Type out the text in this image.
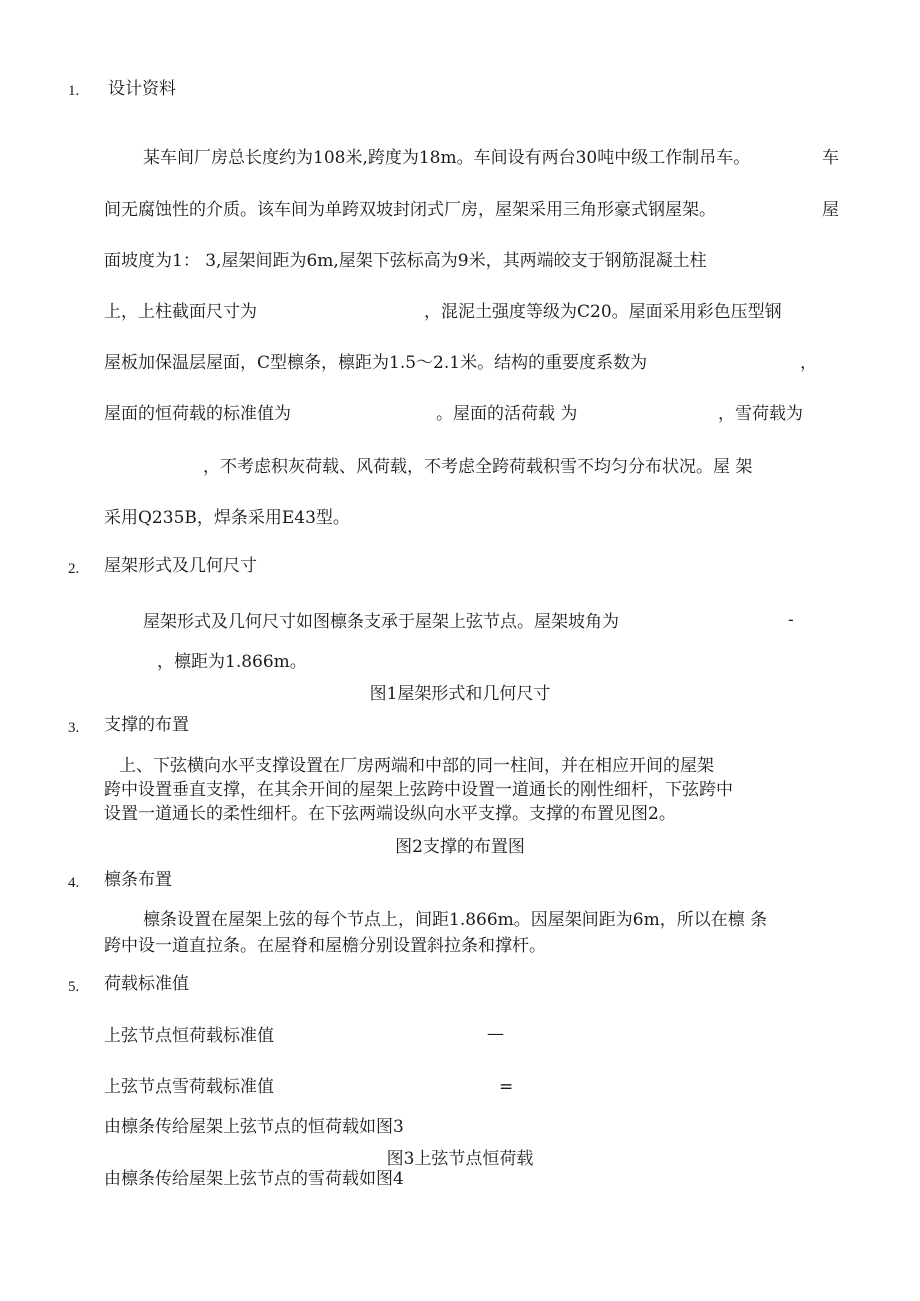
1. 设计资料
某车间厂房总长度约为108米,跨度为18m。车间设有两台30吨中级工作制吊车。	车
间无腐蚀性的介质。该车间为单跨双坡封闭式厂房，屋架采用三角形豪式钢屋架。	屋
面坡度为1： 3,屋架间距为6m,屋架下弦标高为9米，其两端皎支于钢筋混凝土柱
上，上柱截面尺寸为	，混泥土强度等级为C20。屋面采用彩色压型钢
屋板加保温层屋面，C型檩条，檩距为1.5〜2.1米。结构的重要度系数为	，
屋面的恒荷载的标准值为	。屋面的活荷载 为	，雪荷载为
，不考虑积灰荷载、风荷载，不考虑全跨荷载积雪不均匀分布状况。屋 架
采用Q235B，焊条采用E43型。
2. 屋架形式及几何尺寸
屋架形式及几何尺寸如图檩条支承于屋架上弦节点。屋架坡角为	-
，檩距为1.866m。
图1屋架形式和几何尺寸
3. 支撑的布置
上、下弦横向水平支撑设置在厂房两端和中部的同一柱间，并在相应开间的屋架
跨中设置垂直支撑，在其余开间的屋架上弦跨中设置一道通长的刚性细杆，下弦跨中
设置一道通长的柔性细杆。在下弦两端设纵向水平支撑。支撑的布置见图2。
图2支撑的布置图
4. 檩条布置
檩条设置在屋架上弦的每个节点上，间距1.866m。因屋架间距为6m，所以在檩 条
跨中设一道直拉条。在屋脊和屋檐分别设置斜拉条和撑杆。
5. 荷载标准值
上弦节点恒荷载标准值	—
上弦节点雪荷载标准值	=
由檩条传给屋架上弦节点的恒荷载如图3
图3上弦节点恒荷载
由檩条传给屋架上弦节点的雪荷载如图4
